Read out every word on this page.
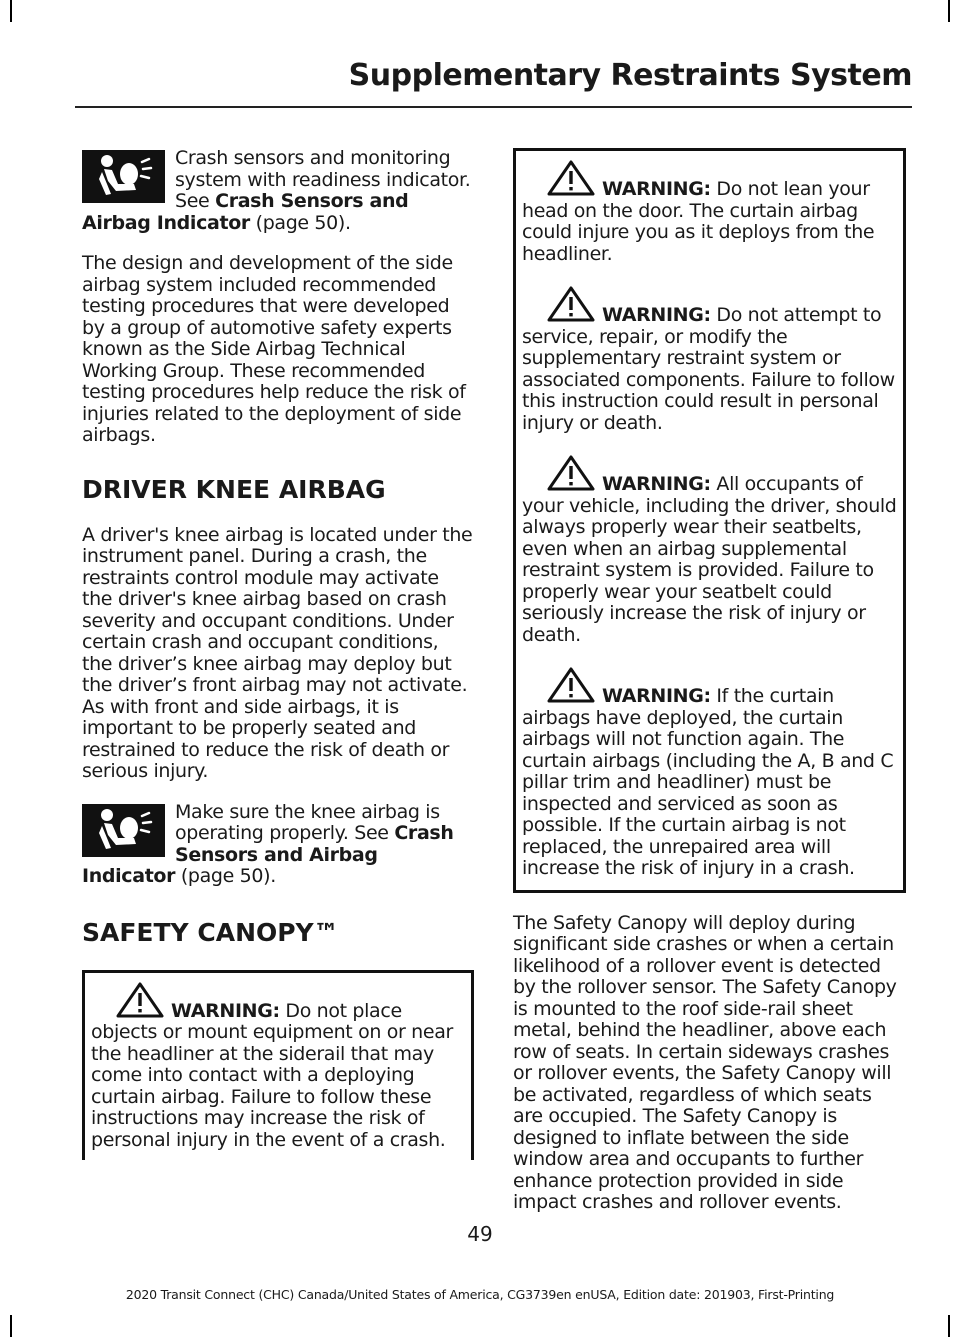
Supplementary Restraints System

Crash sensors and monitoring system with readiness indicator. See Crash Sensors and Airbag Indicator (page 50).

The design and development of the side airbag system included recommended testing procedures that were developed by a group of automotive safety experts known as the Side Airbag Technical Working Group. These recommended testing procedures help reduce the risk of injuries related to the deployment of side airbags.

DRIVER KNEE AIRBAG

A driver's knee airbag is located under the instrument panel. During a crash, the restraints control module may activate the driver's knee airbag based on crash severity and occupant conditions. Under certain crash and occupant conditions, the driver’s knee airbag may deploy but the driver’s front airbag may not activate. As with front and side airbags, it is important to be properly seated and restrained to reduce the risk of death or serious injury.

Make sure the knee airbag is operating properly. See Crash Sensors and Airbag Indicator (page 50).

SAFETY CANOPY™
WARNING: Do not place objects or mount equipment on or near the headliner at the siderail that may come into contact with a deploying curtain airbag. Failure to follow these instructions may increase the risk of personal injury in the event of a crash.
WARNING: Do not lean your head on the door. The curtain airbag could injure you as it deploys from the headliner.
WARNING: Do not attempt to service, repair, or modify the supplementary restraint system or associated components. Failure to follow this instruction could result in personal injury or death.
WARNING: All occupants of your vehicle, including the driver, should always properly wear their seatbelts, even when an airbag supplemental restraint system is provided. Failure to properly wear your seatbelt could seriously increase the risk of injury or death.
WARNING: If the curtain airbags have deployed, the curtain airbags will not function again. The curtain airbags (including the A, B and C pillar trim and headliner) must be inspected and serviced as soon as possible. If the curtain airbag is not replaced, the unrepaired area will increase the risk of injury in a crash.

The Safety Canopy will deploy during significant side crashes or when a certain likelihood of a rollover event is detected by the rollover sensor. The Safety Canopy is mounted to the roof side-rail sheet metal, behind the headliner, above each row of seats. In certain sideways crashes or rollover events, the Safety Canopy will be activated, regardless of which seats are occupied. The Safety Canopy is designed to inflate between the side window area and occupants to further enhance protection provided in side impact crashes and rollover events.

49
2020 Transit Connect (CHC) Canada/United States of America, CG3739en enUSA, Edition date: 201903, First-Printing
